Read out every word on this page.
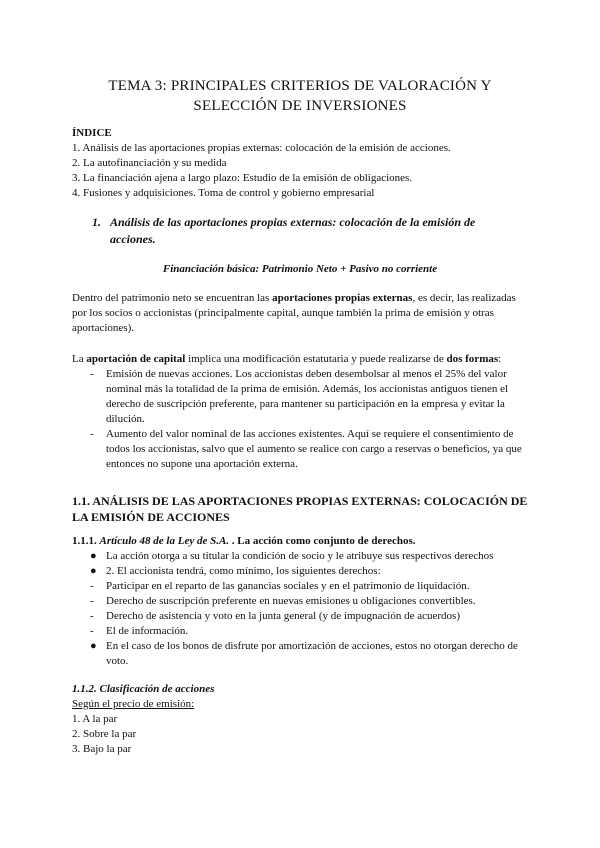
TEMA 3: PRINCIPALES CRITERIOS DE VALORACIÓN Y
SELECCIÓN DE INVERSIONES
ÍNDICE
1. Análisis de las aportaciones propias externas: colocación de la emisión de acciones.
2. La autofinanciación y su medida
3. La financiación ajena a largo plazo: Estudio de la emisión de obligaciones.
4. Fusiones y adquisiciones. Toma de control y gobierno empresarial
1. Análisis de las aportaciones propias externas: colocación de la emisión de acciones.
Financiación básica: Patrimonio Neto + Pasivo no corriente
Dentro del patrimonio neto se encuentran las aportaciones propias externas, es decir, las realizadas por los socios o accionistas (principalmente capital, aunque también la prima de emisión y otras aportaciones).
La aportación de capital implica una modificación estatutaria y puede realizarse de dos formas:
- Emisión de nuevas acciones. Los accionistas deben desembolsar al menos el 25% del valor nominal más la totalidad de la prima de emisión. Además, los accionistas antiguos tienen el derecho de suscripción preferente, para mantener su participación en la empresa y evitar la dilución.
- Aumento del valor nominal de las acciones existentes. Aquí se requiere el consentimiento de todos los accionistas, salvo que el aumento se realice con cargo a reservas o beneficios, ya que entonces no supone una aportación externa.
1.1. ANÁLISIS DE LAS APORTACIONES PROPIAS EXTERNAS: COLOCACIÓN DE LA EMISIÓN DE ACCIONES
1.1.1. Artículo 48 de la Ley de S.A. . La acción como conjunto de derechos.
● La acción otorga a su titular la condición de socio y le atribuye sus respectivos derechos
● 2. El accionista tendrá, como mínimo, los siguientes derechos:
- Participar en el reparto de las ganancias sociales y en el patrimonio de liquidación.
- Derecho de suscripción preferente en nuevas emisiones u obligaciones convertibles.
- Derecho de asistencia y voto en la junta general (y de impugnación de acuerdos)
- El de información.
● En el caso de los bonos de disfrute por amortización de acciones, estos no otorgan derecho de voto.
1.1.2. Clasificación de acciones
Según el precio de emisión:
1. A la par
2. Sobre la par
3. Bajo la par
